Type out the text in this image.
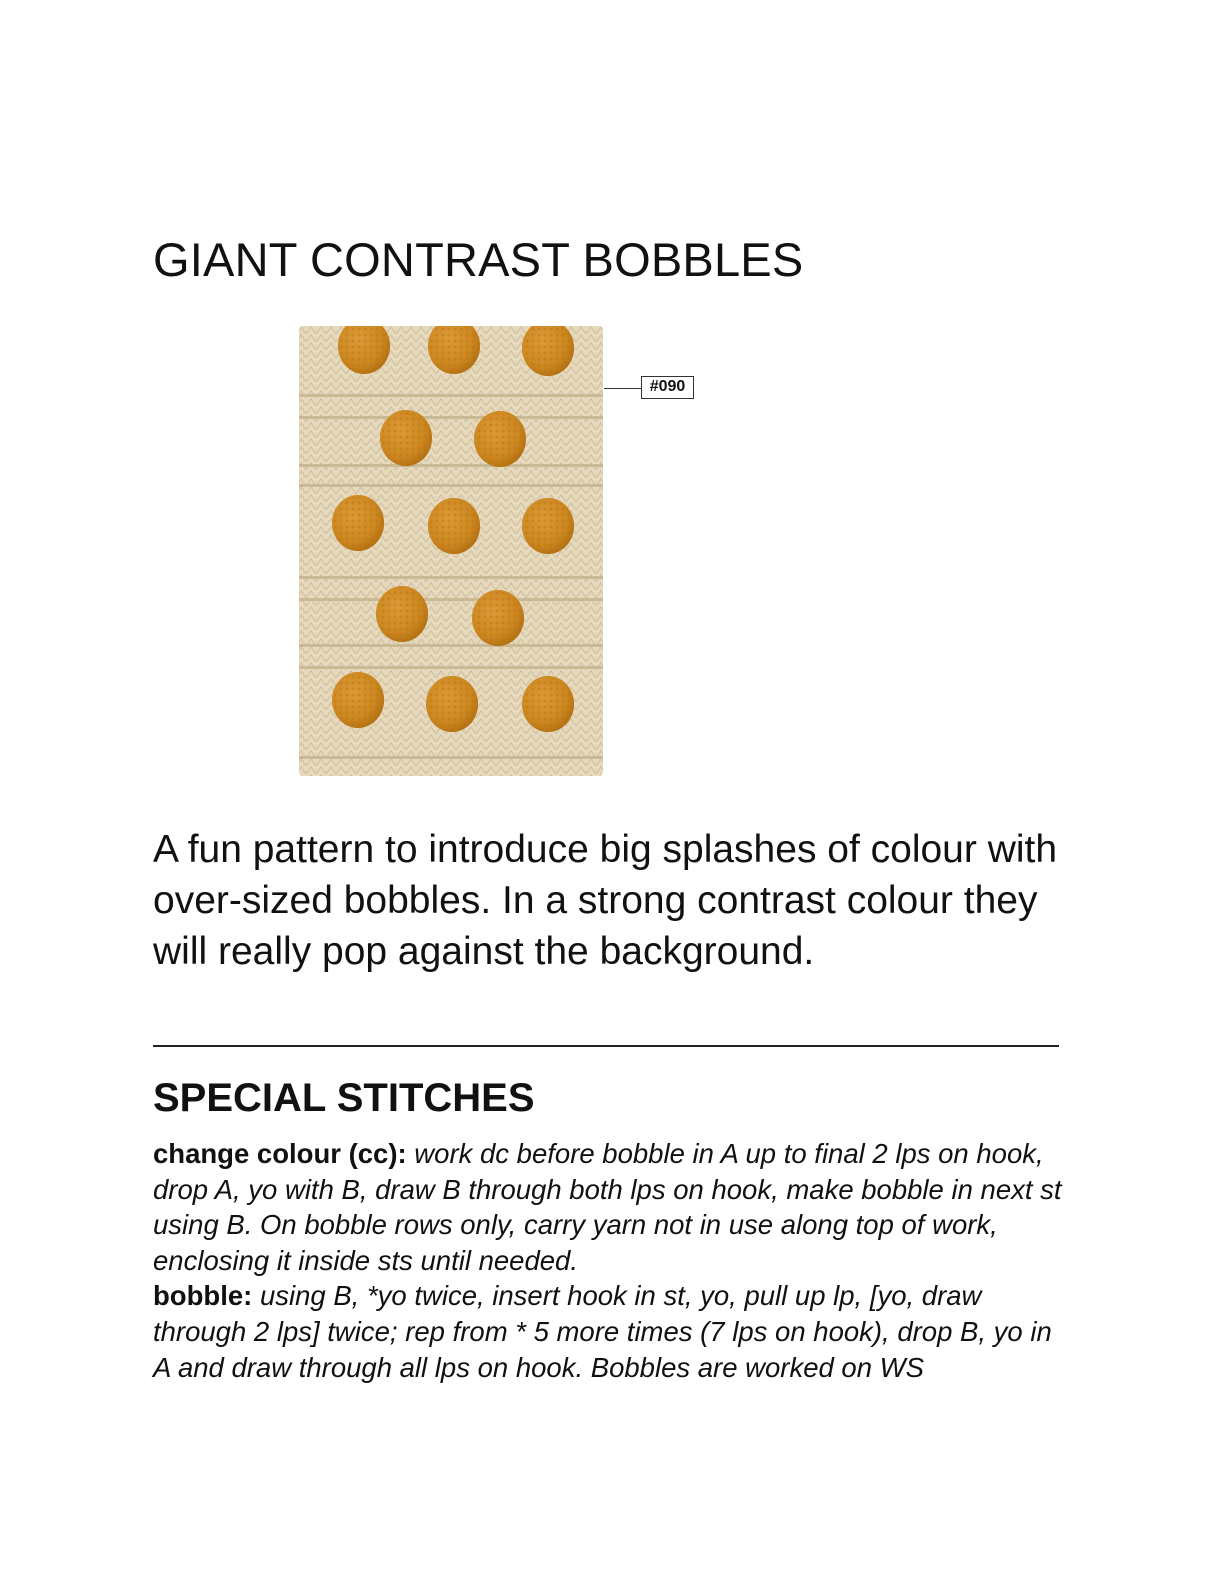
GIANT CONTRAST BOBBLES
#090

A fun pattern to introduce big splashes of colour with over-sized bobbles. In a strong contrast colour they will really pop against the background.

SPECIAL STITCHES

change colour (cc): work dc before bobble in A up to final 2 lps on hook, drop A, yo with B, draw B through both lps on hook, make bobble in next st using B. On bobble rows only, carry yarn not in use along top of work, enclosing it inside sts until needed.

bobble: using B, *yo twice, insert hook in st, yo, pull up lp, [yo, draw through 2 lps] twice; rep from * 5 more times (7 lps on hook), drop B, yo in A and draw through all lps on hook. Bobbles are worked on WS
